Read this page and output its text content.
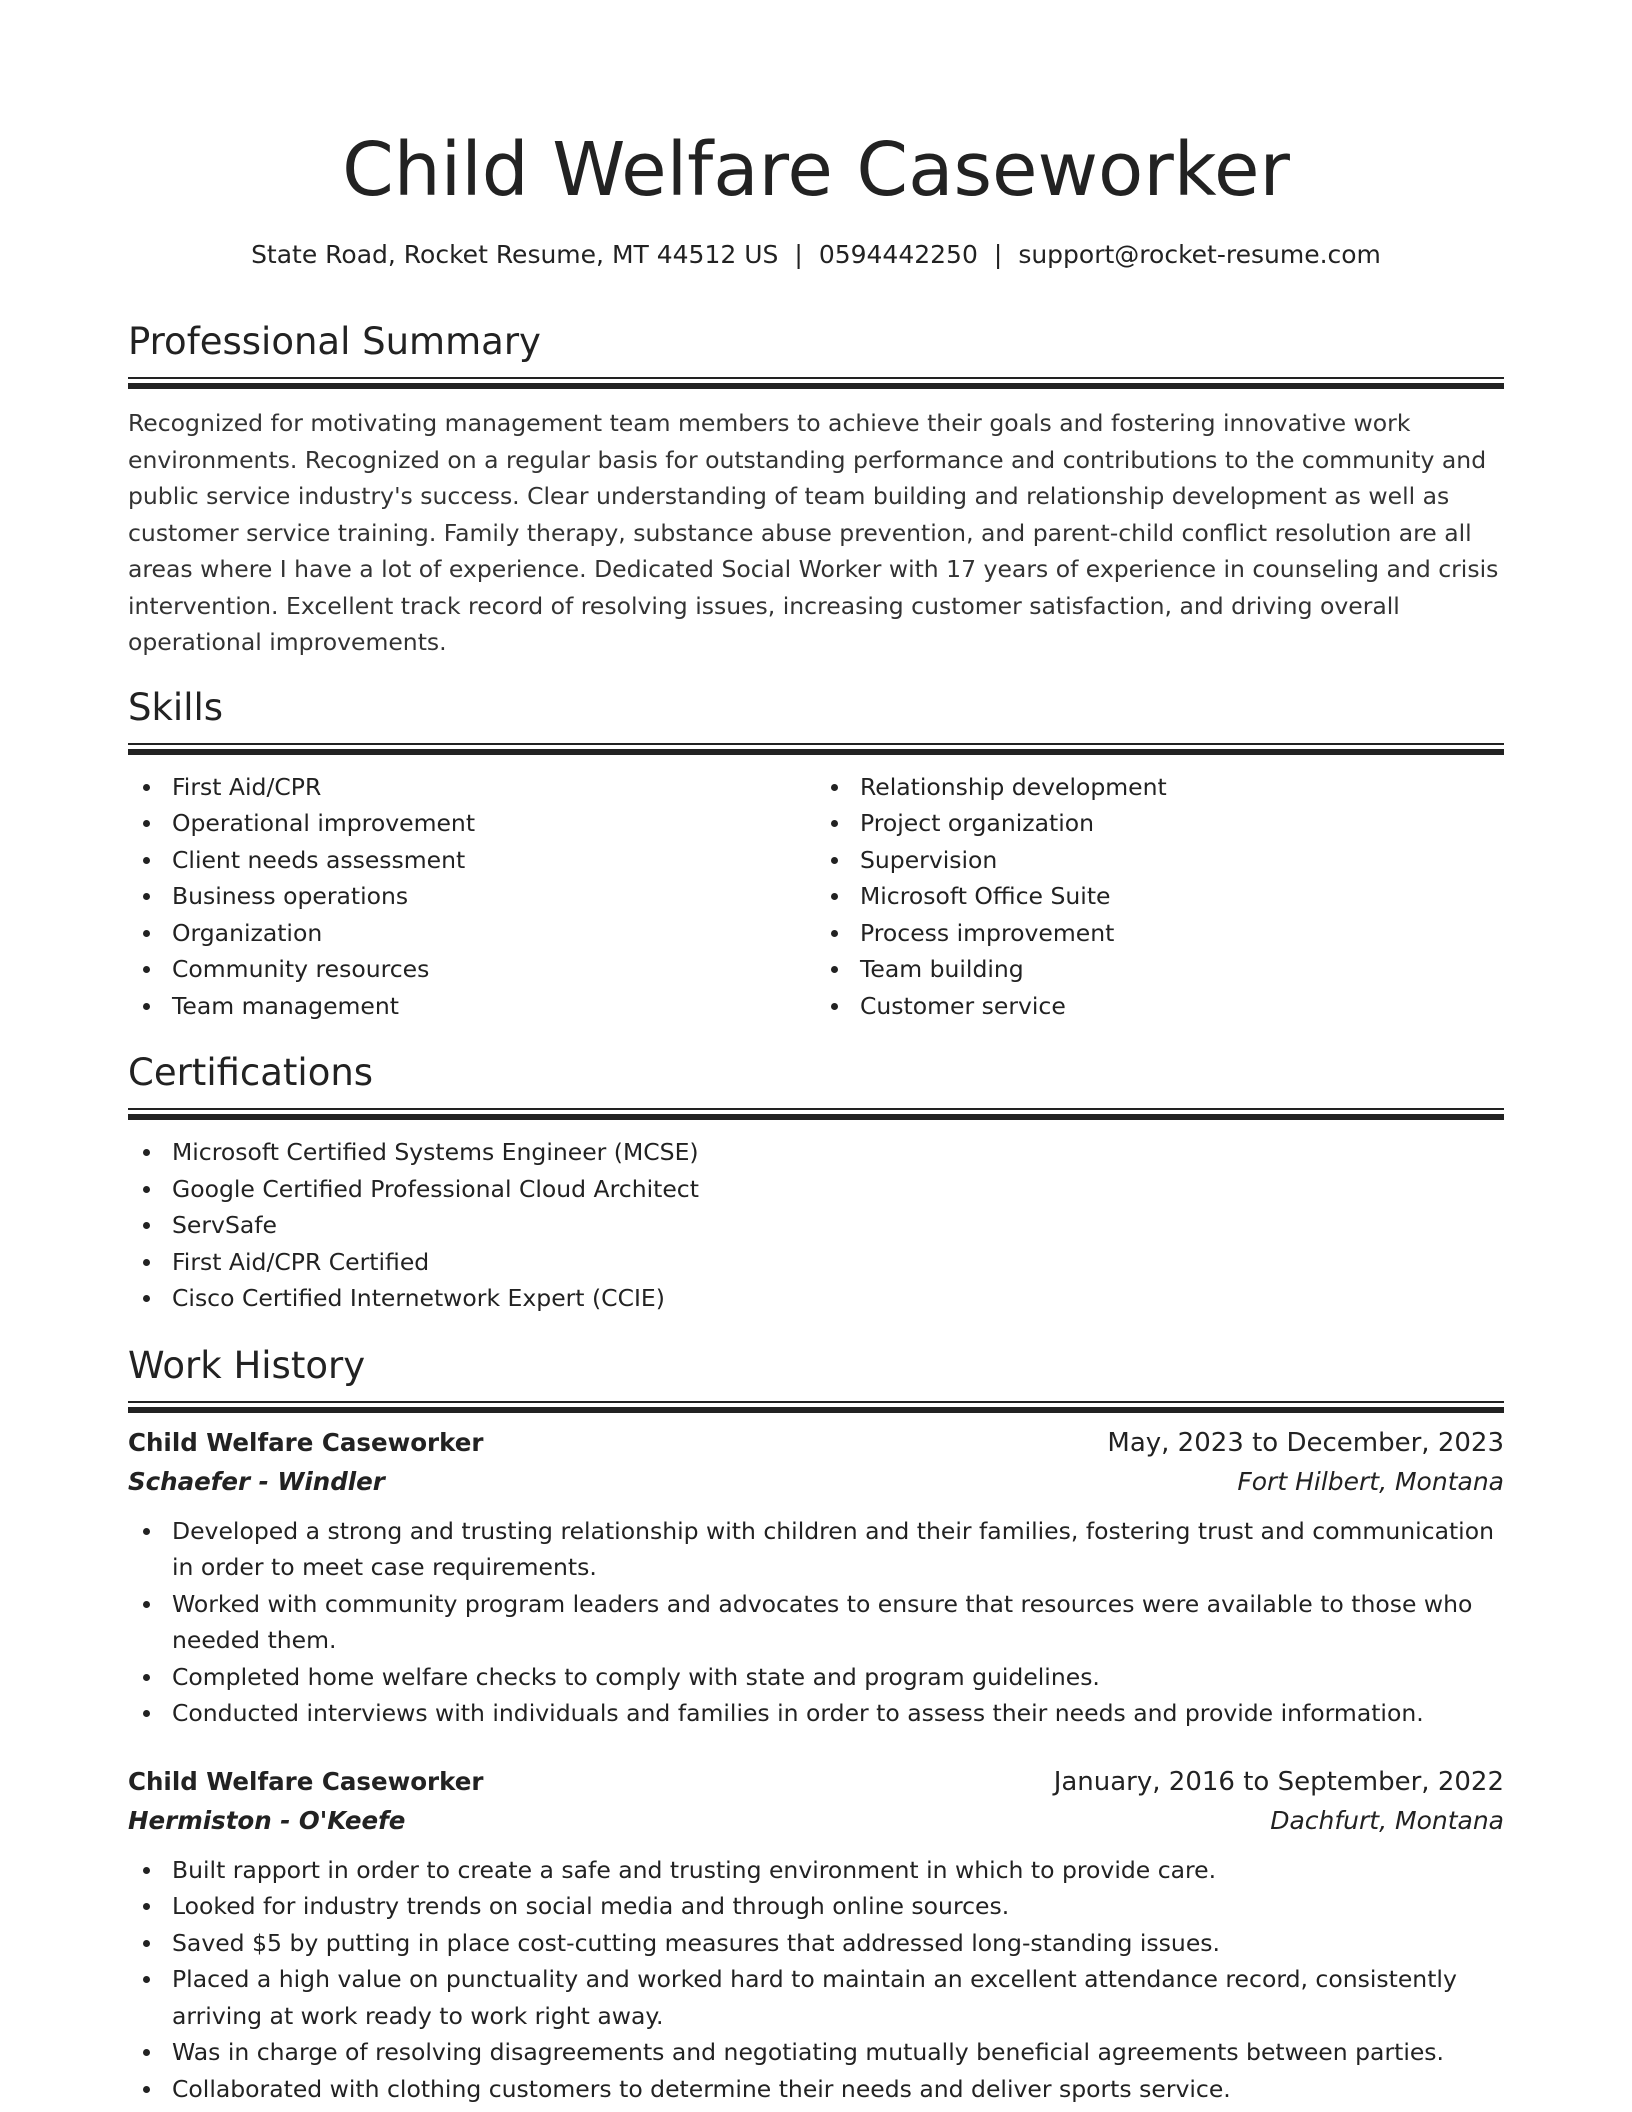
Child Welfare Caseworker
State Road, Rocket Resume, MT 44512 US | 0594442250 | support@rocket-resume.com
Professional Summary

Recognized for motivating management team members to achieve their goals and fostering innovative work environments. Recognized on a regular basis for outstanding performance and contributions to the community and public service industry's success. Clear understanding of team building and relationship development as well as customer service training. Family therapy, substance abuse prevention, and parent-child conflict resolution are all areas where I have a lot of experience. Dedicated Social Worker with 17 years of experience in counseling and crisis intervention. Excellent track record of resolving issues, increasing customer satisfaction, and driving overall operational improvements.

Skills
First Aid/CPR
Operational improvement
Client needs assessment
Business operations
Organization
Community resources
Team management
Relationship development
Project organization
Supervision
Microsoft Office Suite
Process improvement
Team building
Customer service
Certifications
Microsoft Certified Systems Engineer (MCSE)
Google Certified Professional Cloud Architect
ServSafe
First Aid/CPR Certified
Cisco Certified Internetwork Expert (CCIE)
Work History
Child Welfare Caseworker	May, 2023 to December, 2023
Schaefer - Windler	Fort Hilbert, Montana
Developed a strong and trusting relationship with children and their families, fostering trust and communication in order to meet case requirements.
Worked with community program leaders and advocates to ensure that resources were available to those who needed them.
Completed home welfare checks to comply with state and program guidelines.
Conducted interviews with individuals and families in order to assess their needs and provide information.
Child Welfare Caseworker	January, 2016 to September, 2022
Hermiston - O'Keefe	Dachfurt, Montana
Built rapport in order to create a safe and trusting environment in which to provide care.
Looked for industry trends on social media and through online sources.
Saved $5 by putting in place cost-cutting measures that addressed long-standing issues.
Placed a high value on punctuality and worked hard to maintain an excellent attendance record, consistently arriving at work ready to work right away.
Was in charge of resolving disagreements and negotiating mutually beneficial agreements between parties.
Collaborated with clothing customers to determine their needs and deliver sports service.
